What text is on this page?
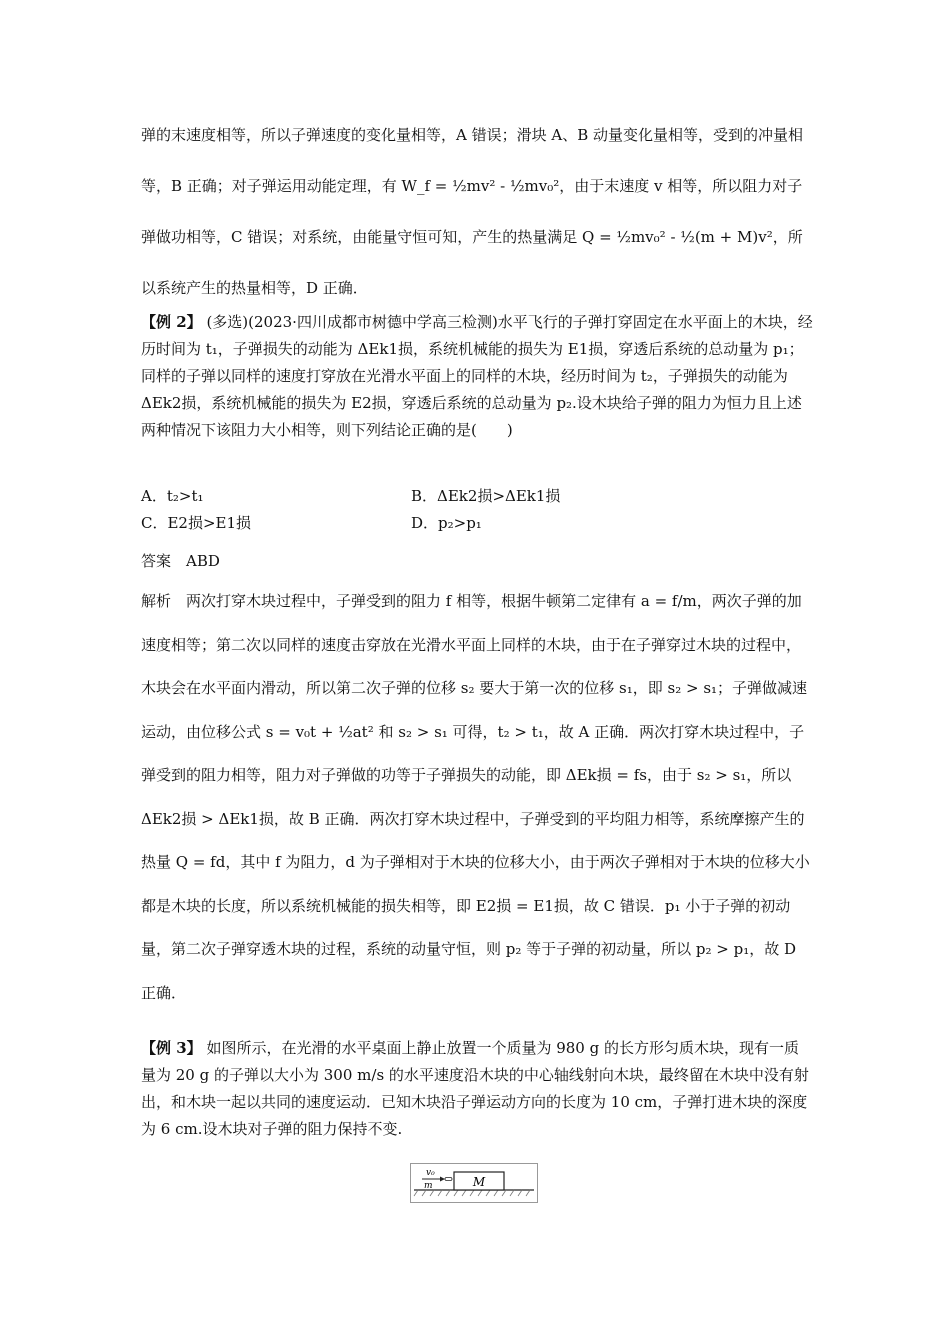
弹的末速度相等，所以子弹速度的变化量相等，A 错误；滑块 A、B 动量变化量相等，受到的冲量相等，B 正确；对子弹运用动能定理，有 W_f = ½mv² - ½mv₀²，由于末速度 v 相等，所以阻力对子弹做功相等，C 错误；对系统，由能量守恒可知，产生的热量满足 Q = ½mv₀² - ½(m + M)v²，所以系统产生的热量相等，D 正确．
【例 2】 (多选)(2023·四川成都市树德中学高三检测)水平飞行的子弹打穿固定在水平面上的木块，经历时间为 t₁，子弹损失的动能为 ΔEk1损，系统机械能的损失为 E1损，穿透后系统的总动量为 p₁；同样的子弹以同样的速度打穿放在光滑水平面上的同样的木块，经历时间为 t₂，子弹损失的动能为 ΔEk2损，系统机械能的损失为 E2损，穿透后系统的总动量为 p₂.设木块给子弹的阻力为恒力且上述两种情况下该阻力大小相等，则下列结论正确的是(　　)
A．t₂>t₁	B．ΔEk2损>ΔEk1损
C．E2损>E1损	D．p₂>p₁
答案　ABD
解析　两次打穿木块过程中，子弹受到的阻力 f 相等，根据牛顿第二定律有 a = f/m，两次子弹的加速度相等；第二次以同样的速度击穿放在光滑水平面上同样的木块，由于在子弹穿过木块的过程中，木块会在水平面内滑动，所以第二次子弹的位移 s₂ 要大于第一次的位移 s₁，即 s₂ > s₁；子弹做减速运动，由位移公式 s = v₀t + ½at² 和 s₂ > s₁ 可得，t₂ > t₁，故 A 正确．两次打穿木块过程中，子弹受到的阻力相等，阻力对子弹做的功等于子弹损失的动能，即 ΔEk损 = fs，由于 s₂ > s₁，所以 ΔEk2损 > ΔEk1损，故 B 正确．两次打穿木块过程中，子弹受到的平均阻力相等，系统摩擦产生的热量 Q = fd，其中 f 为阻力，d 为子弹相对于木块的位移大小，由于两次子弹相对于木块的位移大小都是木块的长度，所以系统机械能的损失相等，即 E2损 = E1损，故 C 错误．p₁ 小于子弹的初动量，第二次子弹穿透木块的过程，系统的动量守恒，则 p₂ 等于子弹的初动量，所以 p₂ > p₁，故 D 正确．
【例 3】 如图所示，在光滑的水平桌面上静止放置一个质量为 980 g 的长方形匀质木块，现有一质量为 20 g 的子弹以大小为 300 m/s 的水平速度沿木块的中心轴线射向木块，最终留在木块中没有射出，和木块一起以共同的速度运动．已知木块沿子弹运动方向的长度为 10 cm，子弹打进木块的深度为 6 cm.设木块对子弹的阻力保持不变.
M
v₀
m
